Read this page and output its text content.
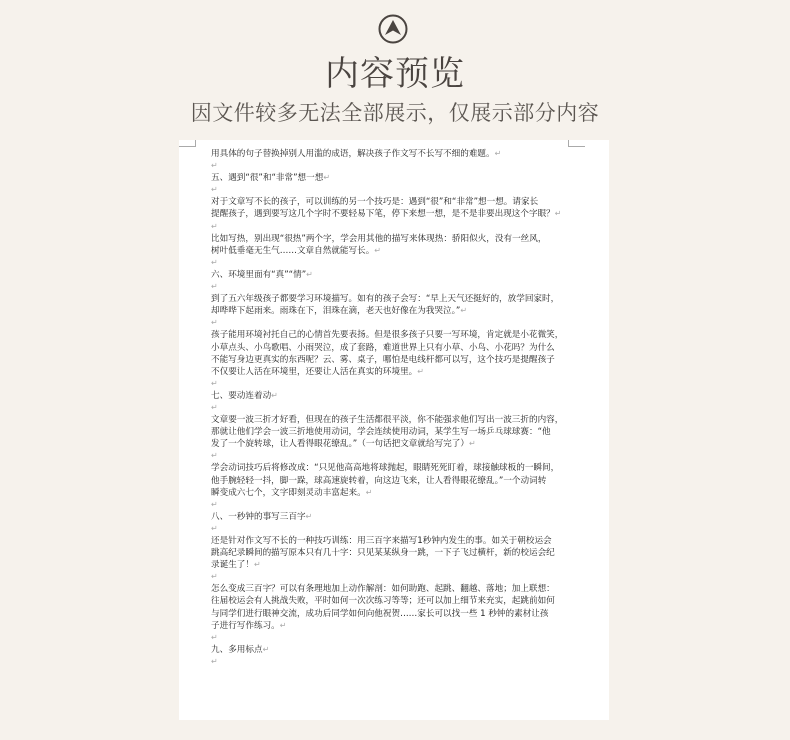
内容预览
因文件较多无法全部展示，仅展示部分内容
用具体的句子替换掉别人用滥的成语，解决孩子作文写不长写不细的难题。↵
↵
五、遇到“很”和“非常”想一想↵
↵
对于文章写不长的孩子，可以训练的另一个技巧是：遇到“很”和“非常”想一想。请家长
提醒孩子，遇到要写这几个字时不要轻易下笔，停下来想一想，是不是非要出现这个字眼？↵
↵
比如写热，别出现“很热”两个字，学会用其他的描写来体现热：骄阳似火，没有一丝风，
树叶低垂毫无生气……文章自然就能写长。↵
↵
六、环境里面有“真”“情”↵
↵
到了五六年级孩子都要学习环境描写。如有的孩子会写：“早上天气还挺好的，放学回家时，
却哗哗下起雨来。雨珠在下，泪珠在滴，老天也好像在为我哭泣。”↵
↵
孩子能用环境衬托自己的心情首先要表扬。但是很多孩子只要一写环境，肯定就是小花微笑，
小草点头、小鸟歌唱、小雨哭泣，成了套路，难道世界上只有小草、小鸟、小花吗？为什么
不能写身边更真实的东西呢？云、雾、桌子，哪怕是电线杆都可以写，这个技巧是提醒孩子
不仅要让人活在环境里，还要让人活在真实的环境里。↵
↵
七、要动连着动↵
↵
文章要一波三折才好看，但现在的孩子生活都很平淡，你不能强求他们写出一波三折的内容，
那就让他们学会一波三折地使用动词，学会连续使用动词，某学生写一场乒乓球球赛：“他
发了一个旋转球，让人看得眼花缭乱。”（一句话把文章就给写完了）↵
↵
学会动词技巧后将修改成：“只见他高高地将球抛起，眼睛死死盯着，球接触球板的一瞬间，
他手腕轻轻一抖，脚一跺，球高速旋转着，向这边飞来，让人看得眼花缭乱。”一个动词转
瞬变成六七个，文字即刻灵动丰富起来。↵
↵
八、一秒钟的事写三百字↵
↵
还是针对作文写不长的一种技巧训练：用三百字来描写1秒钟内发生的事。如关于朝校运会
跳高纪录瞬间的描写原本只有几十字：只见某某纵身一跳，一下子飞过横杆，新的校运会纪
录诞生了！↵
↵
怎么变成三百字？可以有条理地加上动作解剖：如何助跑、起跳、翻越、落地；加上联想：
往届校运会有人挑战失败，平时如何一次次练习等等；还可以加上细节来充实，起跳前如何
与同学们进行眼神交流，成功后同学如何向他祝贺……家长可以找一些 1 秒钟的素材让孩
子进行写作练习。↵
↵
九、多用标点↵
↵
